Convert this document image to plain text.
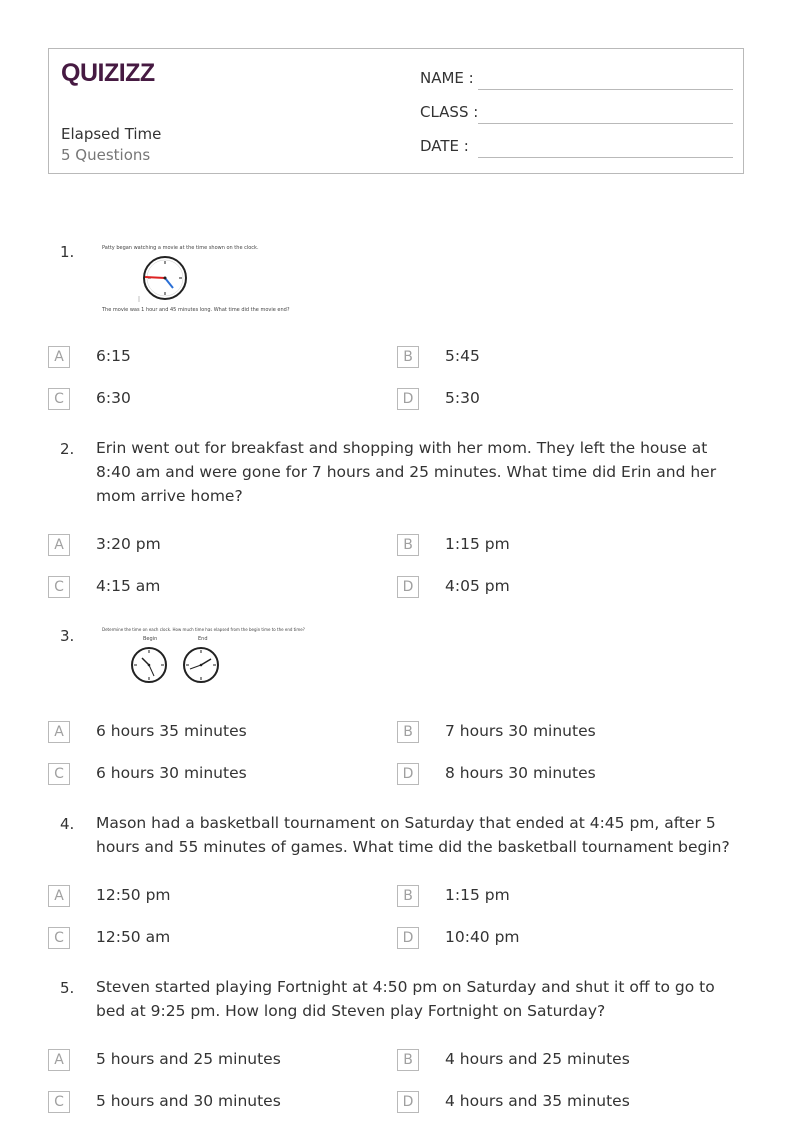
QUIZIZZ
Elapsed Time
5 Questions
NAME :
CLASS :
DATE :
1.	Patty began watching a movie at the time shown on the clock.
The movie was 1 hour and 45 minutes long. What time did the movie end?
A	6:15	B	5:45
C	6:30	D	5:30
2. Erin went out for breakfast and shopping with her mom. They left the house at 8:40 am and were gone for 7 hours and 25 minutes. What time did Erin and her mom arrive home?
A	3:20 pm	B	1:15 pm
C	4:15 am	D	4:05 pm
3.	Determine the time on each clock. How much time has elapsed from the begin time to the end time?
Begin	End
A	6 hours 35 minutes	B	7 hours 30 minutes
C	6 hours 30 minutes	D	8 hours 30 minutes
4. Mason had a basketball tournament on Saturday that ended at 4:45 pm, after 5 hours and 55 minutes of games. What time did the basketball tournament begin?
A	12:50 pm	B	1:15 pm
C	12:50 am	D	10:40 pm
5. Steven started playing Fortnight at 4:50 pm on Saturday and shut it off to go to bed at 9:25 pm. How long did Steven play Fortnight on Saturday?
A	5 hours and 25 minutes	B	4 hours and 25 minutes
C	5 hours and 30 minutes	D	4 hours and 35 minutes
